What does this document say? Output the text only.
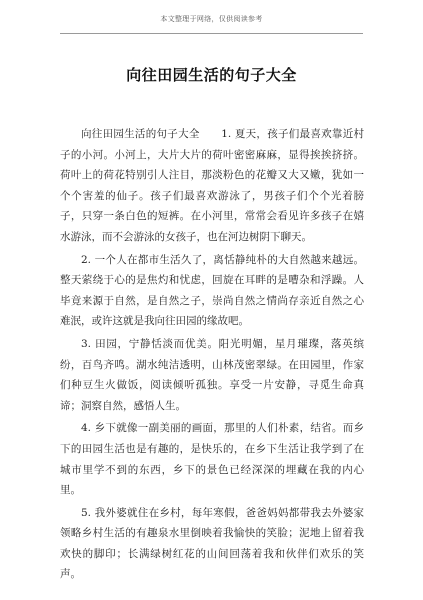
本文整理于网络，仅供阅读参考
向往田园生活的句子大全

向往田园生活的句子大全　　1. 夏天，孩子们最喜欢靠近村子的小河。小河上，大片大片的荷叶密密麻麻，显得挨挨挤挤。荷叶上的荷花特别引人注目，那淡粉色的花瓣又大又嫩，犹如一个个害羞的仙子。孩子们最喜欢游泳了，男孩子们个个光着膀子，只穿一条白色的短裤。在小河里，常常会看见许多孩子在嬉水游泳，而不会游泳的女孩子，也在河边树阴下聊天。

2. 一个人在都市生活久了，离恬静纯朴的大自然越来越远。整天萦绕于心的是焦灼和忧虑，回旋在耳畔的是嘈杂和浮躁。人毕竟来源于自然，是自然之子，崇尚自然之情尚存亲近自然之心难泯，或许这就是我向往田园的缘故吧。

3. 田园，宁静恬淡而优美。阳光明媚，星月璀璨，落英缤纷，百鸟齐鸣。湖水纯洁透明，山林茂密翠绿。在田园里，作家们种豆生火做饭，阅读倾听孤独。享受一片安静，寻觅生命真谛；洞察自然，感悟人生。

4. 乡下就像一副美丽的画面，那里的人们朴素，结省。而乡下的田园生活也是有趣的，是快乐的，在乡下生活让我学到了在城市里学不到的东西，乡下的景色已经深深的埋藏在我的内心里。

5. 我外婆就住在乡村，每年寒假，爸爸妈妈都带我去外婆家领略乡村生活的有趣泉水里倒映着我愉快的笑脸；泥地上留着我欢快的脚印；长满绿树红花的山间回荡着我和伙伴们欢乐的笑声。
